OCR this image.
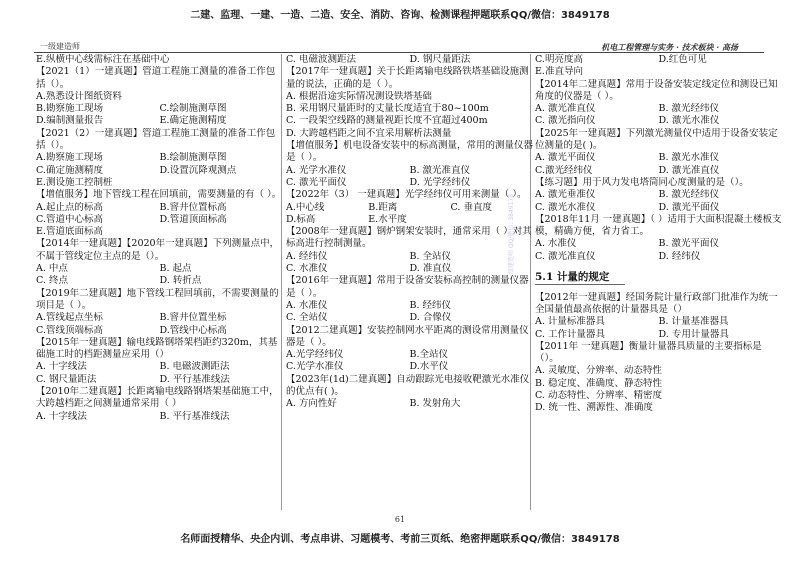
二建、监理、一建、一造、二造、安全、消防、咨询、检测课程押题联系QQ/微信：3849178
一级建造师	机电工程管理与实务 · 技术板块 · 高扬

E.纵横中心线需标注在基础中心

【2021（1）一建真题】管道工程施工测量的准备工作包括（）。

A.熟悉设计图纸资料

B.勘察施工现场	C.绘制施测草图

D.编制测量报告	E.确定施测精度

【2021（2）一建真题】管道工程施工测量的准备工作包括（）。

A.勘察施工现场	B.绘制施测草图

C.确定施测精度	D.设置沉降观测点

E.测设施工控制桩

【增值服务】地下管线工程在回填前，需要测量的有（ ）。

A.起止点的标高	B.窨井位置标高

C.管道中心标高	D.管道顶面标高

E.管道底面标高

【2014年一建真题】【2020年一建真题】下列测量点中，不属于管线定位主点的是（）。

A. 中点	B. 起点

C. 终点	D. 转折点

【2019年二建真题】地下管线工程回填前，不需要测量的项目是（ ）。

A.管线起点坐标	B.窨井位置坐标

C.管线顶端标高	D.管线中心标高

【2015年一建真题】输电线路钢塔架档距约320m，其基础施工时的档距测量应采用（）

A. 十字线法	B. 电磁波测距法

C. 钢尺量距法	D. 平行基准线法

【2010年二建真题】长距离输电线路钢塔架基础施工中，大跨越档距之间测量通常采用（ ）

A. 十字线法	B. 平行基准线法

C. 电磁波测距法	D. 钢尺量距法

【2017年一建真题】关于长距离输电线路铁塔基础设施测量的说法，正确的是（ ）。

A. 根据沿途实际情况测设铁塔基础

B. 采用钢尺量距时的丈量长度适宜于80~100m

C. 一段架空线路的测量视距长度不宜超过400m

D. 大跨越档距之间不宜采用解析法测量

【增值服务】机电设备安装中的标高测量，常用的测量仪器是（ ）。

A. 光学水准仪	B. 激光准直仪

C. 激光平面仪	D. 光学经纬仪

【2022年（3） 一建真题】光学经纬仪可用来测量（ ）。

A.中心线	B.距离	C. 垂直度

D.标高	E.水平度

【2008年一建真题】钢炉钢架安装时，通常采用（ ）对其标高进行控制测量。

A. 经纬仪	B. 全站仪

C. 水准仪	D. 准直仪

【2016年一建真题】常用于设备安装标高控制的测量仪器是（ ）。

A. 水准仪	B. 经纬仪

C. 全站仪	D. 合像仪

【2012二建真题】安装控制网水平距离的测设常用测量仪器是（ ）。

A.光学经纬仪	B.全站仪

C.光学水准仪	D.水平仪

【2023年(1d)二建真题】自动跟踪光电接收靶激光水准仪的优点有( )。

A. 方向性好	B. 发射角大

C.明亮度高	D.红色可见

E.准直导向

【2014年二建真题】常用于设备安装定线定位和测设已知角度的仪器是（ ）。

A. 激光准直仪	B. 激光经纬仪

C. 激光指向仪	D. 激光水准仪

【2025年一建真题】下列激光测量仪中适用于设备安装定位测量的是( )。

A. 激光平面仪	B. 激光水准仪

C.激光经纬仪	D. 激光准直仪

【练习题】用于风力发电塔筒同心度测量的是（）。

A. 激光垂准仪	B. 激光经纬仪

C. 激光水准仪	D. 激光平面仪

【2018年11月 一建真题】（ ）适用于大面积混凝土楼板支模，精确方便，省力省工。

A. 水准仪	B. 激光平面仪

C. 激光准直仪	D. 经纬仪

5.1 计量的规定

【2012年一建真题】经国务院计量行政部门批准作为统一全国量值最高依据的计量器具是（）

A. 计量标准器具	B. 计量基准器具

C. 工作计量器具	D. 专用计量器具

【2011年 一建真题】衡量计量器具质量的主要指标是（）。

A. 灵敏度、分辨率、动态特性

B. 稳定度、准确度、静态特性

C. 动态特性、分辨率、精密度

D. 统一性、溯源性、准确度

一级建造师 QQ/微信: 3849178
61
名师面授精华、央企内训、考点串讲、习题模考、考前三页纸、绝密押题联系QQ/微信：3849178
